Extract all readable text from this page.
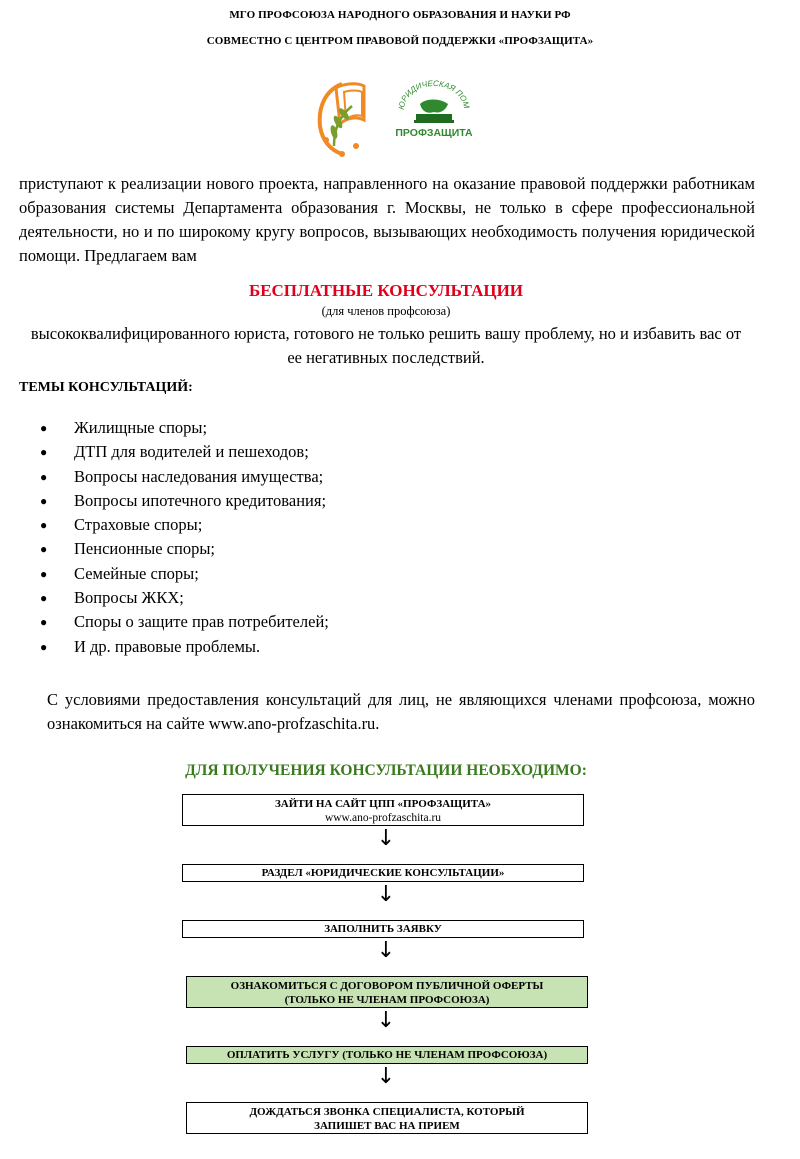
МГО ПРОФСОЮЗА НАРОДНОГО ОБРАЗОВАНИЯ И НАУКИ РФ
СОВМЕСТНО С ЦЕНТРОМ ПРАВОВОЙ ПОДДЕРЖКИ «ПРОФЗАЩИТА»
ЮРИДИЧЕСКАЯ ПОМ
ПРОФЗАЩИТА
приступают к реализации нового проекта, направленного на оказание правовой поддержки работникам образования системы Департамента образования г. Москвы, не только в сфере профессиональной деятельности, но и по широкому кругу вопросов, вызывающих необходимость получения юридической помощи. Предлагаем вам
БЕСПЛАТНЫЕ КОНСУЛЬТАЦИИ
(для членов профсоюза)
высококвалифицированного юриста, готового не только решить вашу проблему, но и избавить вас от ее негативных последствий.
ТЕМЫ КОНСУЛЬТАЦИЙ:
● Жилищные споры;
● ДТП для водителей и пешеходов;
● Вопросы наследования имущества;
● Вопросы ипотечного кредитования;
● Страховые споры;
● Пенсионные споры;
● Семейные споры;
● Вопросы ЖКХ;
● Споры о защите прав потребителей;
● И др. правовые проблемы.
С условиями предоставления консультаций для лиц, не являющихся членами профсоюза, можно ознакомиться на сайте www.ano-profzaschita.ru.
ДЛЯ ПОЛУЧЕНИЯ КОНСУЛЬТАЦИИ НЕОБХОДИМО:
ЗАЙТИ НА САЙТ ЦПП «ПРОФЗАЩИТА»
www.ano-profzaschita.ru
↓
РАЗДЕЛ «ЮРИДИЧЕСКИЕ КОНСУЛЬТАЦИИ»
↓
ЗАПОЛНИТЬ ЗАЯВКУ
↓
ОЗНАКОМИТЬСЯ С ДОГОВОРОМ ПУБЛИЧНОЙ ОФЕРТЫ
(ТОЛЬКО НЕ ЧЛЕНАМ ПРОФСОЮЗА)
↓
ОПЛАТИТЬ УСЛУГУ (ТОЛЬКО НЕ ЧЛЕНАМ ПРОФСОЮЗА)
↓
ДОЖДАТЬСЯ ЗВОНКА СПЕЦИАЛИСТА, КОТОРЫЙ
ЗАПИШЕТ ВАС НА ПРИЕМ
